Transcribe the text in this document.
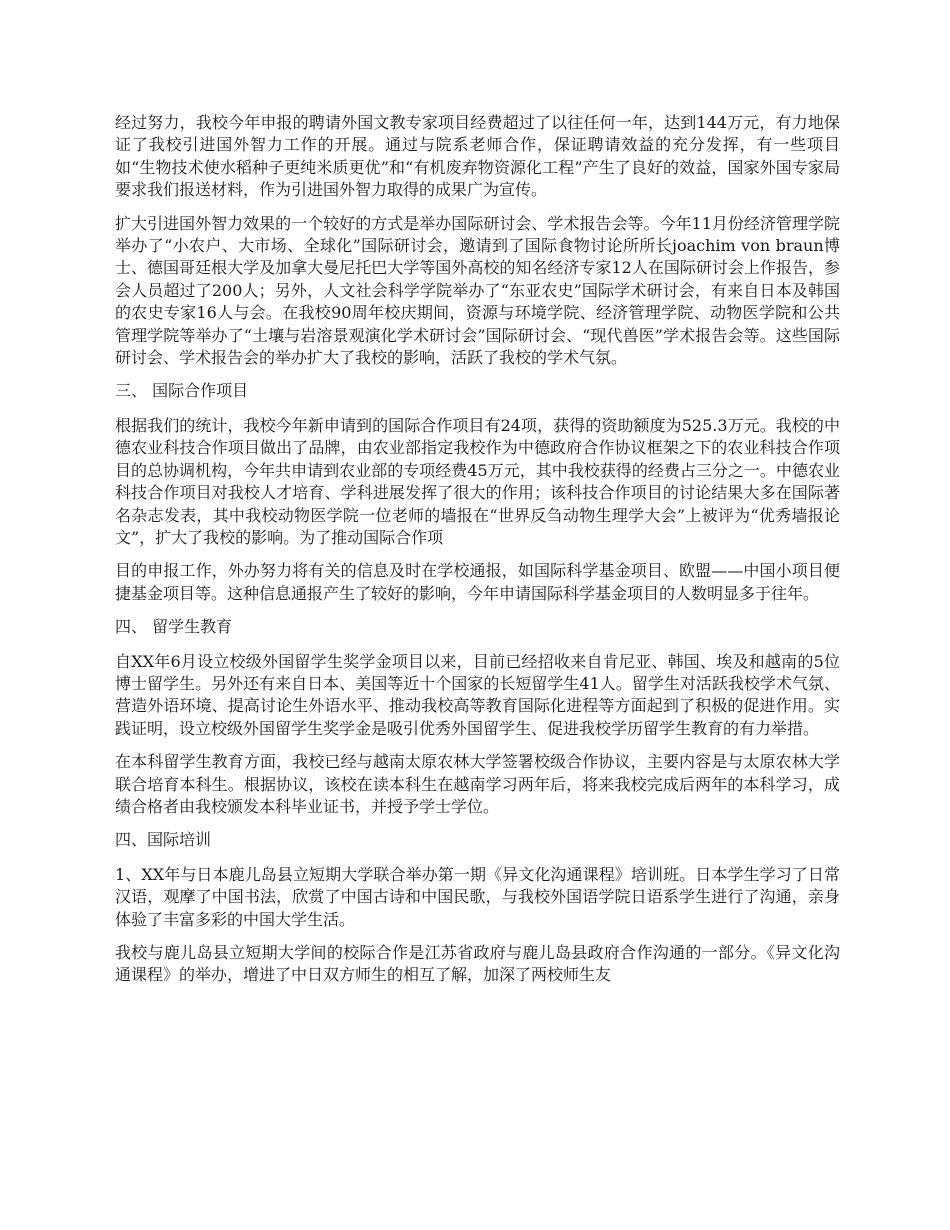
经过努力，我校今年申报的聘请外国文教专家项目经费超过了以往任何一年，达到144万元，有力地保证了我校引进国外智力工作的开展。通过与院系老师合作，保证聘请效益的充分发挥，有一些项目如“生物技术使水稻种子更纯米质更优”和“有机废弃物资源化工程”产生了良好的效益，国家外国专家局要求我们报送材料，作为引进国外智力取得的成果广为宣传。

扩大引进国外智力效果的一个较好的方式是举办国际研讨会、学术报告会等。今年11月份经济管理学院举办了“小农户、大市场、全球化”国际研讨会，邀请到了国际食物讨论所所长joachim von braun博士、德国哥廷根大学及加拿大曼尼托巴大学等国外高校的知名经济专家12人在国际研讨会上作报告，参会人员超过了200人；另外，人文社会科学学院举办了“东亚农史”国际学术研讨会，有来自日本及韩国的农史专家16人与会。在我校90周年校庆期间，资源与环境学院、经济管理学院、动物医学院和公共管理学院等举办了“土壤与岩溶景观演化学术研讨会”国际研讨会、“现代兽医”学术报告会等。这些国际研讨会、学术报告会的举办扩大了我校的影响，活跃了我校的学术气氛。

三、 国际合作项目

根据我们的统计，我校今年新申请到的国际合作项目有24项，获得的资助额度为525.3万元。我校的中德农业科技合作项目做出了品牌，由农业部指定我校作为中德政府合作协议框架之下的农业科技合作项目的总协调机构，今年共申请到农业部的专项经费45万元，其中我校获得的经费占三分之一。中德农业科技合作项目对我校人才培育、学科进展发挥了很大的作用；该科技合作项目的讨论结果大多在国际著名杂志发表，其中我校动物医学院一位老师的墙报在“世界反刍动物生理学大会”上被评为“优秀墙报论文”，扩大了我校的影响。为了推动国际合作项

目的申报工作，外办努力将有关的信息及时在学校通报，如国际科学基金项目、欧盟——中国小项目便捷基金项目等。这种信息通报产生了较好的影响，今年申请国际科学基金项目的人数明显多于往年。

四、 留学生教育

自XX年6月设立校级外国留学生奖学金项目以来，目前已经招收来自肯尼亚、韩国、埃及和越南的5位博士留学生。另外还有来自日本、美国等近十个国家的长短留学生41人。留学生对活跃我校学术气氛、营造外语环境、提高讨论生外语水平、推动我校高等教育国际化进程等方面起到了积极的促进作用。实践证明，设立校级外国留学生奖学金是吸引优秀外国留学生、促进我校学历留学生教育的有力举措。

在本科留学生教育方面，我校已经与越南太原农林大学签署校级合作协议，主要内容是与太原农林大学联合培育本科生。根据协议，该校在读本科生在越南学习两年后，将来我校完成后两年的本科学习，成绩合格者由我校颁发本科毕业证书，并授予学士学位。

四、国际培训

1、XX年与日本鹿儿岛县立短期大学联合举办第一期《异文化沟通课程》培训班。日本学生学习了日常汉语，观摩了中国书法，欣赏了中国古诗和中国民歌，与我校外国语学院日语系学生进行了沟通，亲身体验了丰富多彩的中国大学生活。

我校与鹿儿岛县立短期大学间的校际合作是江苏省政府与鹿儿岛县政府合作沟通的一部分。《异文化沟通课程》的举办，增进了中日双方师生的相互了解，加深了两校师生友
